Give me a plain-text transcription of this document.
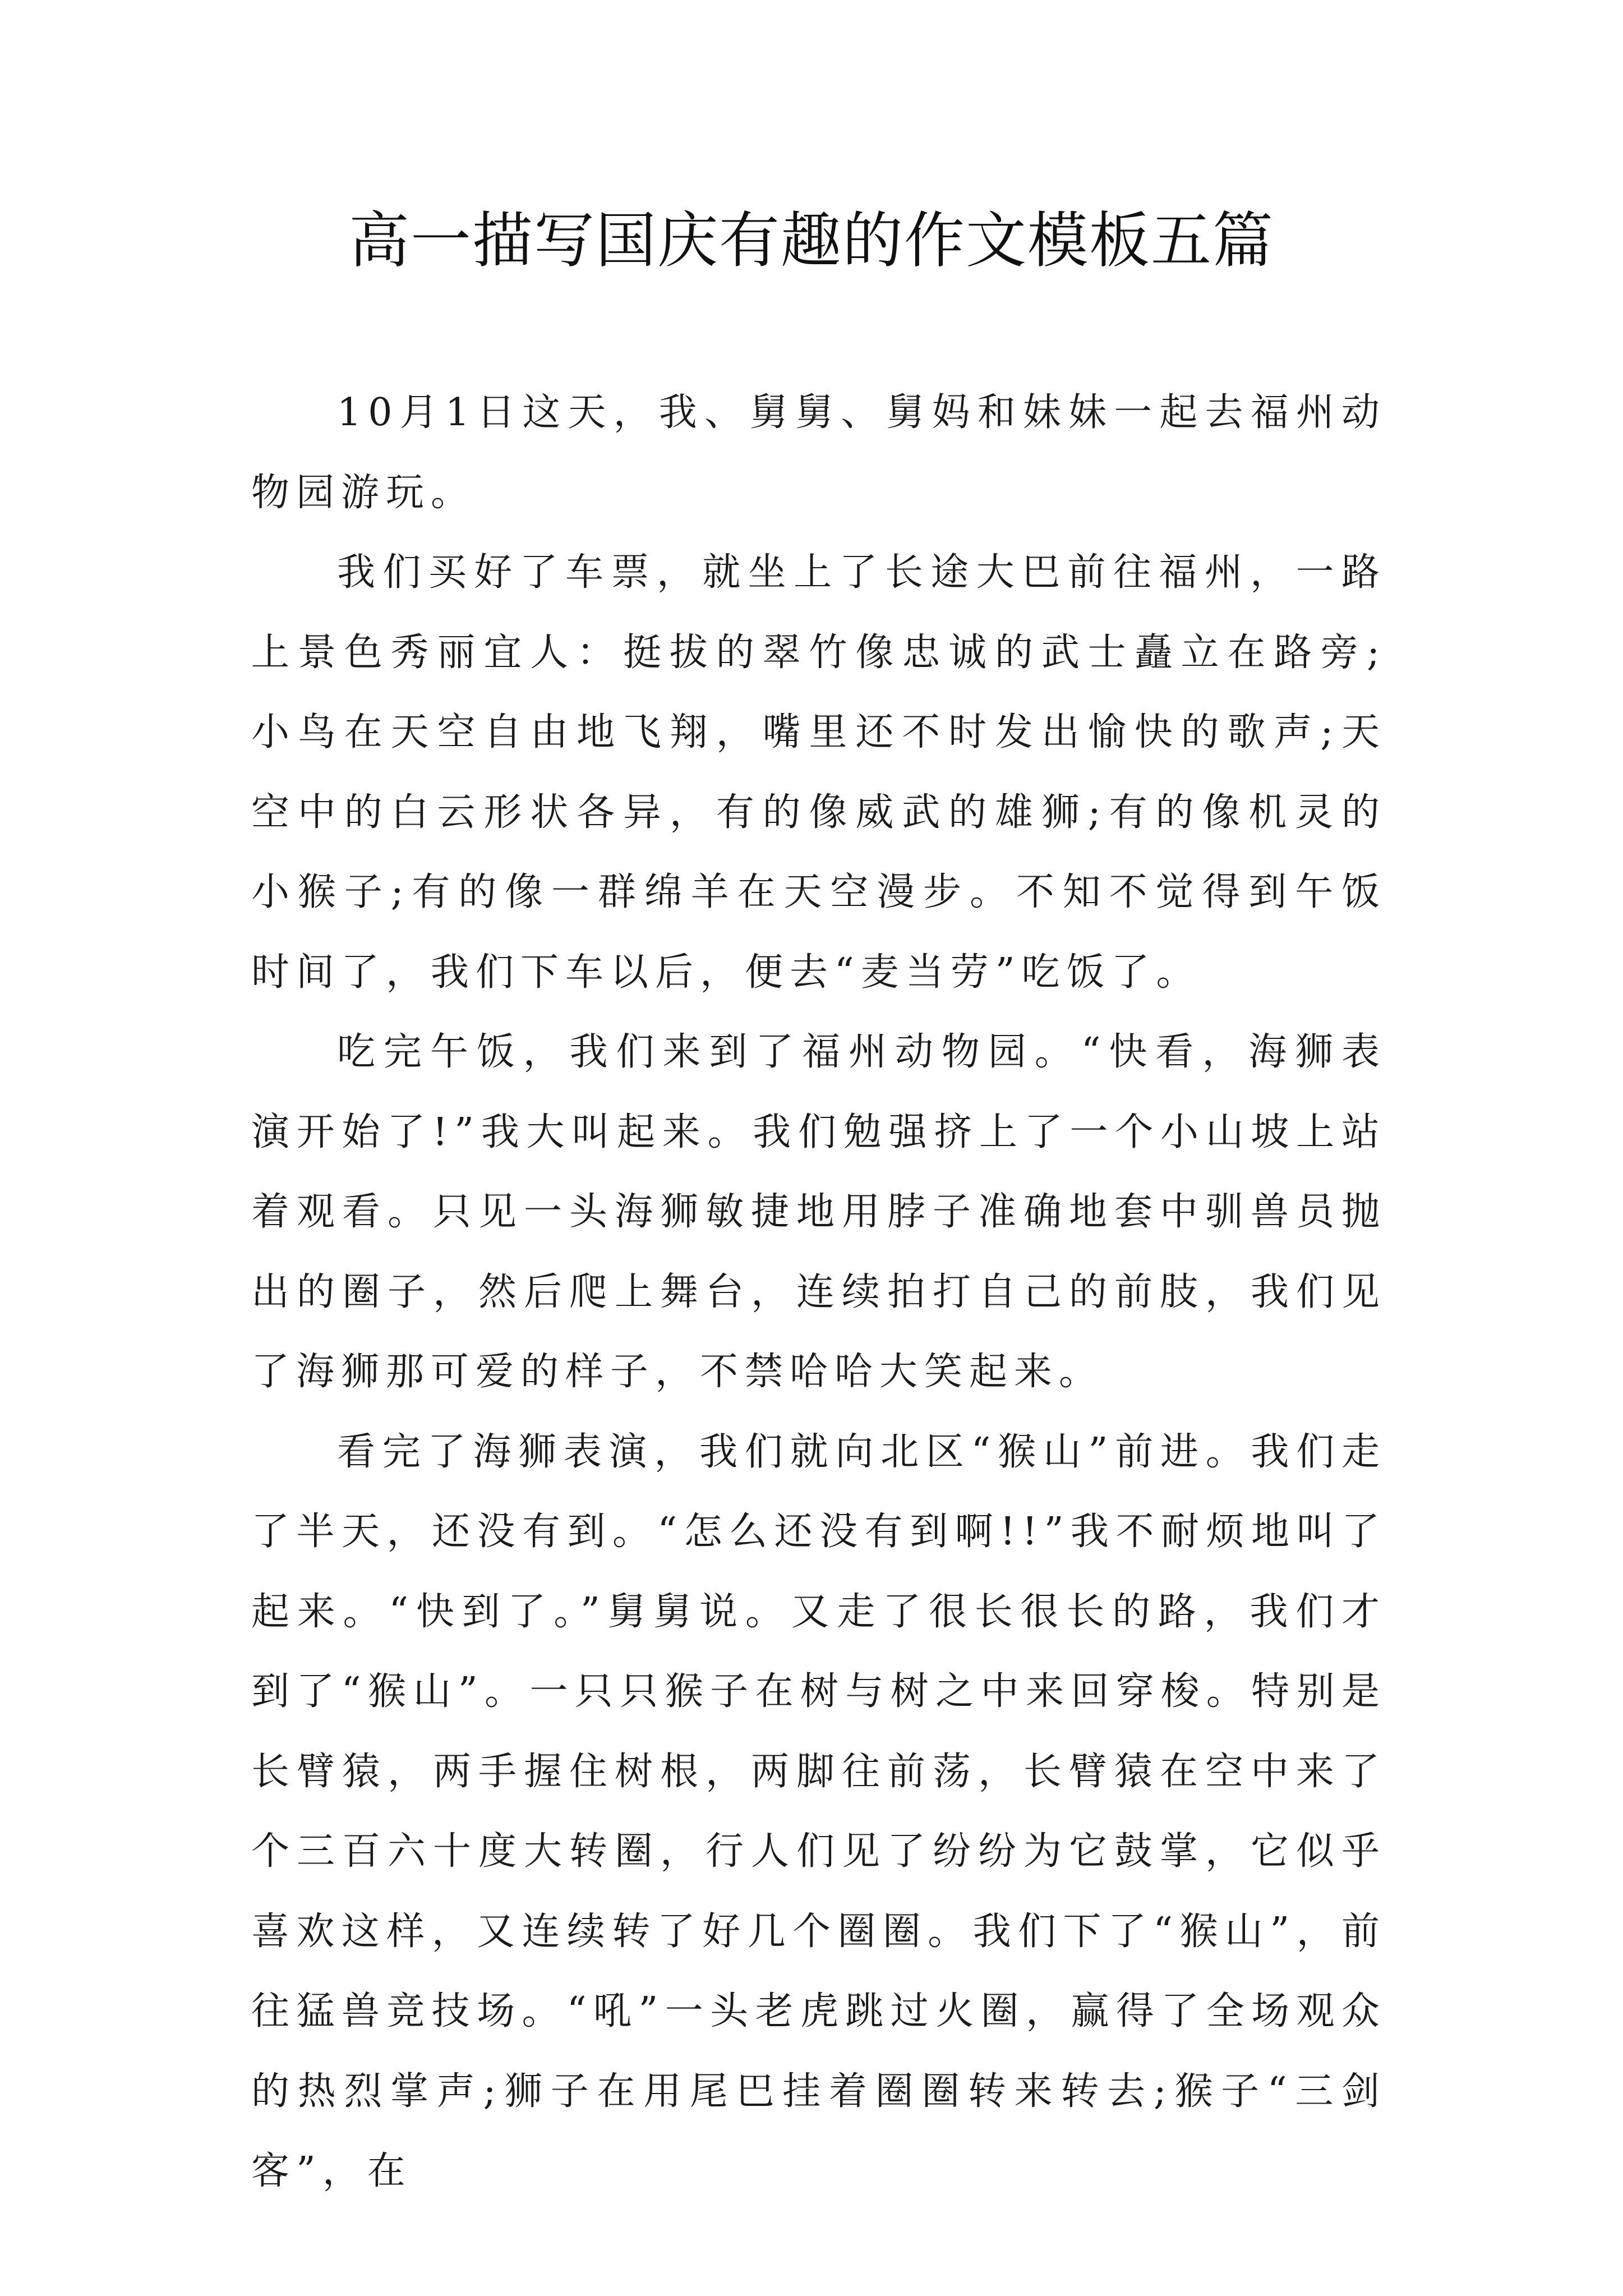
高一描写国庆有趣的作文模板五篇

10月1日这天，我、舅舅、舅妈和妹妹一起去福州动物园游玩。

我们买好了车票，就坐上了长途大巴前往福州，一路上景色秀丽宜人：挺拔的翠竹像忠诚的武士矗立在路旁;小鸟在天空自由地飞翔，嘴里还不时发出愉快的歌声;天空中的白云形状各异，有的像威武的雄狮;有的像机灵的小猴子;有的像一群绵羊在天空漫步。不知不觉得到午饭时间了，我们下车以后，便去“麦当劳”吃饭了。

吃完午饭，我们来到了福州动物园。“快看，海狮表演开始了!”我大叫起来。我们勉强挤上了一个小山坡上站着观看。只见一头海狮敏捷地用脖子准确地套中驯兽员抛出的圈子，然后爬上舞台，连续拍打自己的前肢，我们见了海狮那可爱的样子，不禁哈哈大笑起来。

看完了海狮表演，我们就向北区“猴山”前进。我们走了半天，还没有到。“怎么还没有到啊!!”我不耐烦地叫了起来。“快到了。”舅舅说。又走了很长很长的路，我们才到了“猴山”。一只只猴子在树与树之中来回穿梭。特别是长臂猿，两手握住树根，两脚往前荡，长臂猿在空中来了个三百六十度大转圈，行人们见了纷纷为它鼓掌，它似乎喜欢这样，又连续转了好几个圈圈。我们下了“猴山”，前往猛兽竞技场。“吼”一头老虎跳过火圈，赢得了全场观众的热烈掌声;狮子在用尾巴挂着圈圈转来转去;猴子“三剑客”，在
